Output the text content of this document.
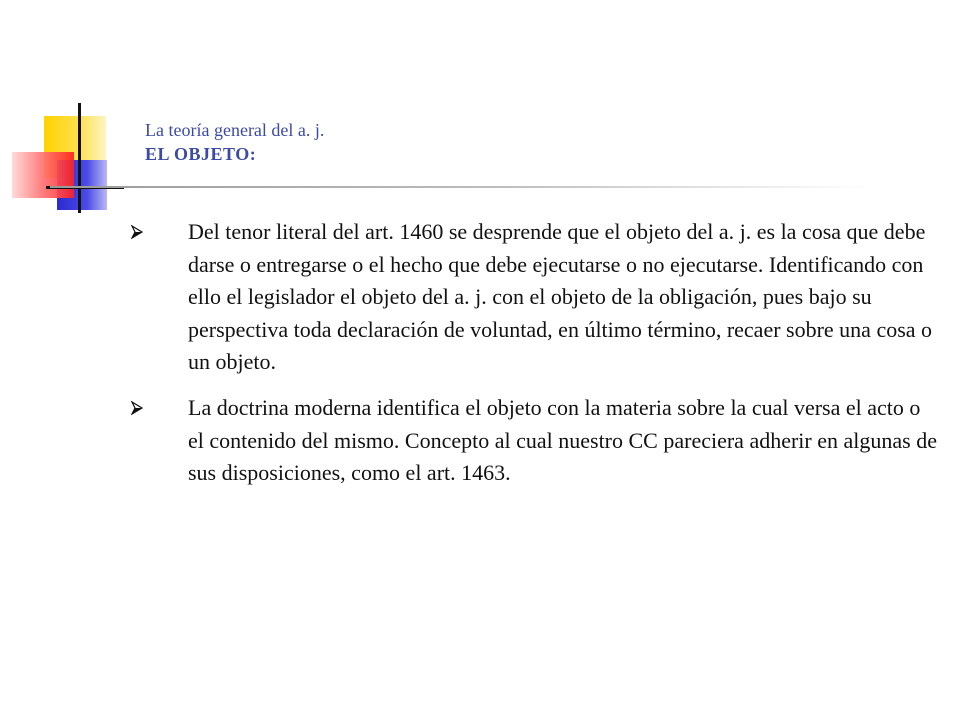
La teoría general del a. j.
EL OBJETO:
Del tenor literal del art. 1460 se desprende que el objeto del a. j. es la cosa que debe darse o entregarse o el hecho que debe ejecutarse o no ejecutarse. Identificando con ello el legislador el objeto del a. j. con el objeto de la obligación, pues bajo su perspectiva toda declaración de voluntad, en último término, recaer sobre una cosa o un objeto.
La doctrina moderna identifica el objeto con la materia sobre la cual versa el acto o el contenido del mismo. Concepto al cual nuestro CC pareciera adherir en algunas de sus disposiciones, como el art. 1463.
